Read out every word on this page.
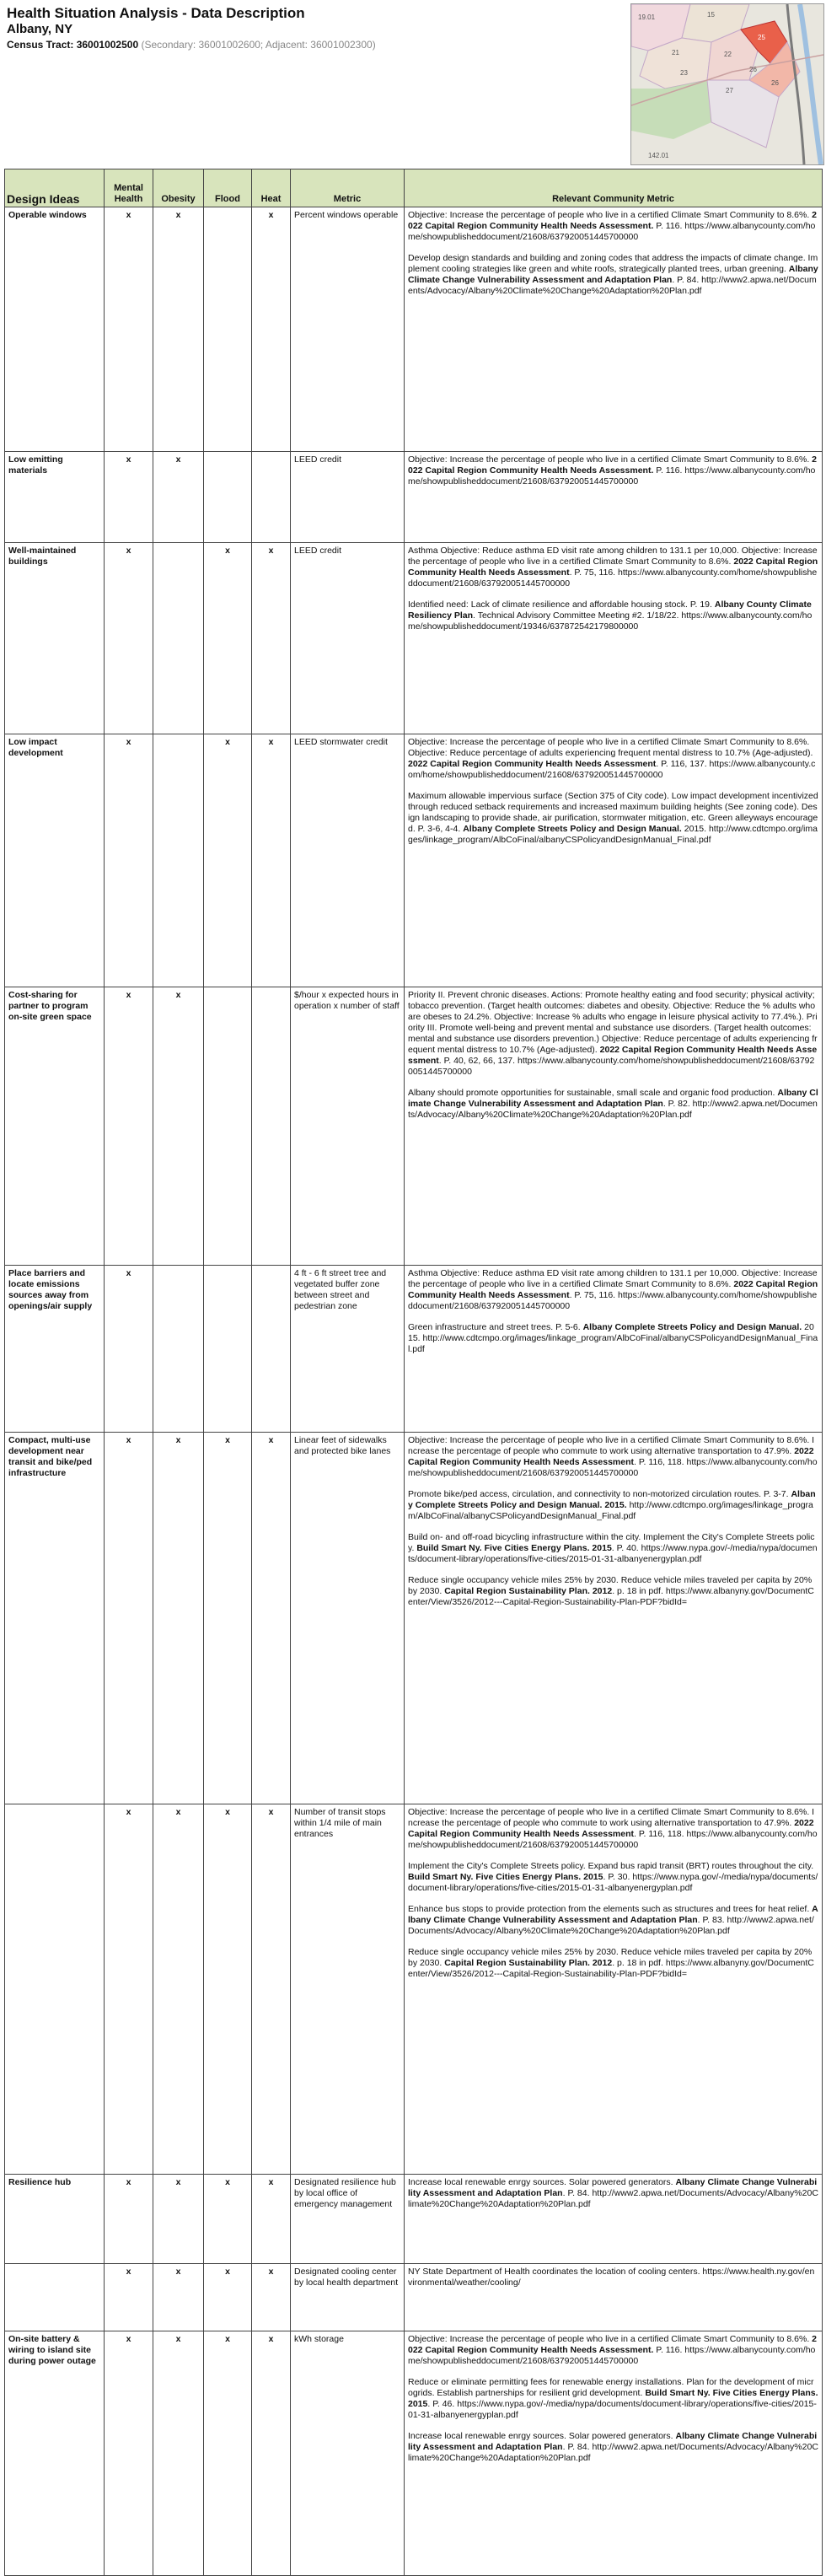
Health Situation Analysis - Data Description
Albany, NY
Census Tract: 36001002500 (Secondary: 36001002600; Adjacent: 36001002300)
19.01	15
21	22
23	26
27
26
25
142.01
Design Ideas	Mental Health	Obesity	Flood	Heat	Metric	Relevant Community Metric
Operable windows	x	x		x	Percent windows operable	Objective: Increase the percentage of people who live in a certified Climate Smart Community to 8.6%. 2022 Capital Region Community Health Needs Assessment. P. 116. https://www.albanycounty.com/home/showpublisheddocument/21608/637920051445700000

Develop design standards and building and zoning codes that address the impacts of climate change. Implement cooling strategies like green and white roofs, strategically planted trees, urban greening. Albany Climate Change Vulnerability Assessment and Adaptation Plan. P. 84. http://www2.apwa.net/Documents/Advocacy/Albany%20Climate%20Change%20Adaptation%20Plan.pdf

Low emitting materials	x	x			LEED credit	Objective: Increase the percentage of people who live in a certified Climate Smart Community to 8.6%. 2022 Capital Region Community Health Needs Assessment. P. 116. https://www.albanycounty.com/home/showpublisheddocument/21608/637920051445700000

Well-maintained buildings	x		x	x	LEED credit	Asthma Objective: Reduce asthma ED visit rate among children to 131.1 per 10,000. Objective: Increase the percentage of people who live in a certified Climate Smart Community to 8.6%. 2022 Capital Region Community Health Needs Assessment. P. 75, 116. https://www.albanycounty.com/home/showpublisheddocument/21608/637920051445700000

Identified need: Lack of climate resilience and affordable housing stock. P. 19. Albany County Climate Resiliency Plan. Technical Advisory Committee Meeting #2. 1/18/22. https://www.albanycounty.com/home/showpublisheddocument/19346/637872542179800000

Low impact development	x		x	x	LEED stormwater credit	Objective: Increase the percentage of people who live in a certified Climate Smart Community to 8.6%. Objective: Reduce percentage of adults experiencing frequent mental distress to 10.7% (Age-adjusted). 2022 Capital Region Community Health Needs Assessment. P. 116, 137. https://www.albanycounty.com/home/showpublisheddocument/21608/637920051445700000

Maximum allowable impervious surface (Section 375 of City code). Low impact development incentivized through reduced setback requirements and increased maximum building heights (See zoning code). Design landscaping to provide shade, air purification, stormwater mitigation, etc. Green alleyways encouraged. P. 3-6, 4-4. Albany Complete Streets Policy and Design Manual. 2015. http://www.cdtcmpo.org/images/linkage_program/AlbCoFinal/albanyCSPolicyandDesignManual_Final.pdf

Cost-sharing for partner to program on-site green space	x	x			$/hour x expected hours in operation x number of staff	Priority II. Prevent chronic diseases. Actions: Promote healthy eating and food security; physical activity; tobacco prevention. (Target health outcomes: diabetes and obesity. Objective: Reduce the % adults who are obeses to 24.2%. Objective: Increase % adults who engage in leisure physical activity to 77.4%.). Priority III. Promote well-being and prevent mental and substance use disorders. (Target health outcomes: mental and substance use disorders prevention.) Objective: Reduce percentage of adults experiencing frequent mental distress to 10.7% (Age-adjusted). 2022 Capital Region Community Health Needs Assessment. P. 40, 62, 66, 137. https://www.albanycounty.com/home/showpublisheddocument/21608/637920051445700000

Albany should promote opportunities for sustainable, small scale and organic food production. Albany Climate Change Vulnerability Assessment and Adaptation Plan. P. 82. http://www2.apwa.net/Documents/Advocacy/Albany%20Climate%20Change%20Adaptation%20Plan.pdf

Place barriers and locate emissions sources away from openings/air supply	x				4 ft - 6 ft street tree and vegetated buffer zone between street and pedestrian zone	Asthma Objective: Reduce asthma ED visit rate among children to 131.1 per 10,000. Objective: Increase the percentage of people who live in a certified Climate Smart Community to 8.6%. 2022 Capital Region Community Health Needs Assessment. P. 75, 116. https://www.albanycounty.com/home/showpublisheddocument/21608/637920051445700000

Green infrastructure and street trees. P. 5-6. Albany Complete Streets Policy and Design Manual. 2015. http://www.cdtcmpo.org/images/linkage_program/AlbCoFinal/albanyCSPolicyandDesignManual_Final.pdf

Compact, multi-use development near transit and bike/ped infrastructure	x	x	x	x	Linear feet of sidewalks and protected bike lanes	Objective: Increase the percentage of people who live in a certified Climate Smart Community to 8.6%. Increase the percentage of people who commute to work using alternative transportation to 47.9%. 2022 Capital Region Community Health Needs Assessment. P. 116, 118. https://www.albanycounty.com/home/showpublisheddocument/21608/637920051445700000

Promote bike/ped access, circulation, and connectivity to non-motorized circulation routes. P. 3-7. Albany Complete Streets Policy and Design Manual. 2015. http://www.cdtcmpo.org/images/linkage_program/AlbCoFinal/albanyCSPolicyandDesignManual_Final.pdf

Build on- and off-road bicycling infrastructure within the city. Implement the City's Complete Streets policy. Build Smart Ny. Five Cities Energy Plans. 2015. P. 40. https://www.nypa.gov/-/media/nypa/documents/document-library/operations/five-cities/2015-01-31-albanyenergyplan.pdf

Reduce single occupancy vehicle miles 25% by 2030. Reduce vehicle miles traveled per capita by 20% by 2030. Capital Region Sustainability Plan. 2012. p. 18 in pdf. https://www.albanyny.gov/DocumentCenter/View/3526/2012---Capital-Region-Sustainability-Plan-PDF?bidId=

	x	x	x	x	Number of transit stops within 1/4 mile of main entrances	Objective: Increase the percentage of people who live in a certified Climate Smart Community to 8.6%. Increase the percentage of people who commute to work using alternative transportation to 47.9%. 2022 Capital Region Community Health Needs Assessment. P. 116, 118. https://www.albanycounty.com/home/showpublisheddocument/21608/637920051445700000

Implement the City's Complete Streets policy. Expand bus rapid transit (BRT) routes throughout the city. Build Smart Ny. Five Cities Energy Plans. 2015. P. 30. https://www.nypa.gov/-/media/nypa/documents/document-library/operations/five-cities/2015-01-31-albanyenergyplan.pdf

Enhance bus stops to provide protection from the elements such as structures and trees for heat relief. Albany Climate Change Vulnerability Assessment and Adaptation Plan. P. 83. http://www2.apwa.net/Documents/Advocacy/Albany%20Climate%20Change%20Adaptation%20Plan.pdf

Reduce single occupancy vehicle miles 25% by 2030. Reduce vehicle miles traveled per capita by 20% by 2030. Capital Region Sustainability Plan. 2012. p. 18 in pdf. https://www.albanyny.gov/DocumentCenter/View/3526/2012---Capital-Region-Sustainability-Plan-PDF?bidId=

Resilience hub	x	x	x	x	Designated resilience hub by local office of emergency management	Increase local renewable enrgy sources. Solar powered generators. Albany Climate Change Vulnerability Assessment and Adaptation Plan. P. 84. http://www2.apwa.net/Documents/Advocacy/Albany%20Climate%20Change%20Adaptation%20Plan.pdf

	x	x	x	x	Designated cooling center by local health department	NY State Department of Health coordinates the location of cooling centers. https://www.health.ny.gov/environmental/weather/cooling/

On-site battery & wiring to island site during power outage	x	x	x	x	kWh storage	Objective: Increase the percentage of people who live in a certified Climate Smart Community to 8.6%. 2022 Capital Region Community Health Needs Assessment. P. 116. https://www.albanycounty.com/home/showpublisheddocument/21608/637920051445700000

Reduce or eliminate permitting fees for renewable energy installations. Plan for the development of microgrids. Establish partnerships for resilient grid development. Build Smart Ny. Five Cities Energy Plans. 2015. P. 46. https://www.nypa.gov/-/media/nypa/documents/document-library/operations/five-cities/2015-01-31-albanyenergyplan.pdf

Increase local renewable enrgy sources. Solar powered generators. Albany Climate Change Vulnerability Assessment and Adaptation Plan. P. 84. http://www2.apwa.net/Documents/Advocacy/Albany%20Climate%20Change%20Adaptation%20Plan.pdf
